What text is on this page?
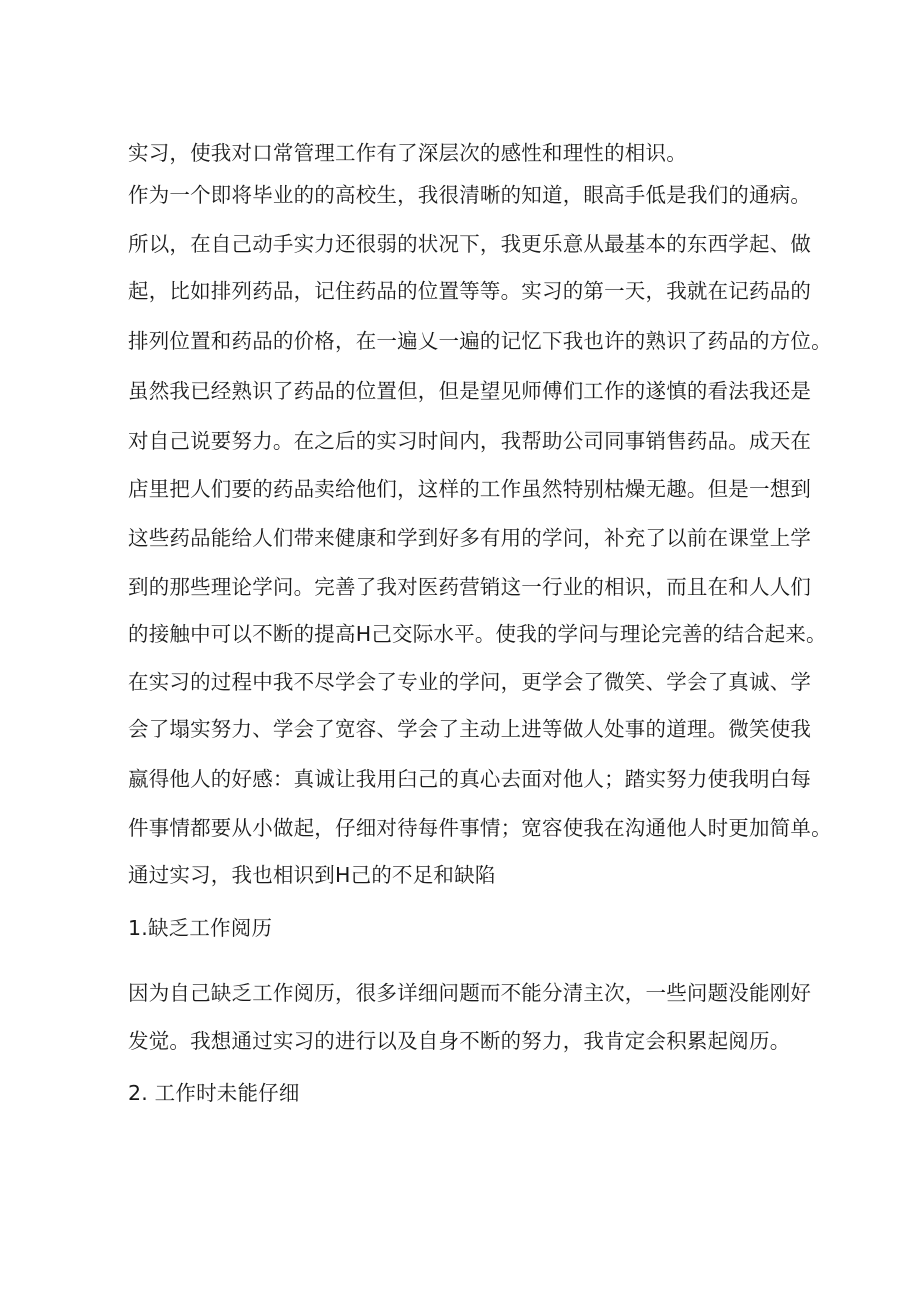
实习，使我对口常管理工作有了深层次的感性和理性的相识。

作为一个即将毕业的的高校生，我很清晰的知道，眼高手低是我们的通病。

所以，在自己动手实力还很弱的状况下，我更乐意从最基本的东西学起、做

起，比如排列药品，记住药品的位置等等。实习的第一天，我就在记药品的

排列位置和药品的价格，在一遍乂一遍的记忆下我也许的熟识了药品的方位。

虽然我已经熟识了药品的位置但，但是望见师傅们工作的遂慎的看法我还是

对自己说要努力。在之后的实习时间内，我帮助公司同事销售药品。成天在

店里把人们要的药品卖给他们，这样的工作虽然特别枯燥无趣。但是一想到

这些药品能给人们带来健康和学到好多有用的学问，补充了以前在课堂上学

到的那些理论学问。完善了我对医药营销这一行业的相识，而且在和人人们

的接触中可以不断的提高H己交际水平。使我的学问与理论完善的结合起来。

在实习的过程中我不尽学会了专业的学问，更学会了微笑、学会了真诚、学

会了塌实努力、学会了宽容、学会了主动上进等做人处事的道理。微笑使我

嬴得他人的好感：真诚让我用臼己的真心去面对他人；踏实努力使我明白每

件事情都要从小做起，仔细对待每件事情；宽容使我在沟通他人时更加简单。

通过实习，我也相识到H己的不足和缺陷

1.缺乏工作阅历

因为自己缺乏工作阅历，很多详细问题而不能分清主次，一些问题没能刚好

发觉。我想通过实习的进行以及自身不断的努力，我肯定会积累起阅历。

2. 工作时未能仔细
